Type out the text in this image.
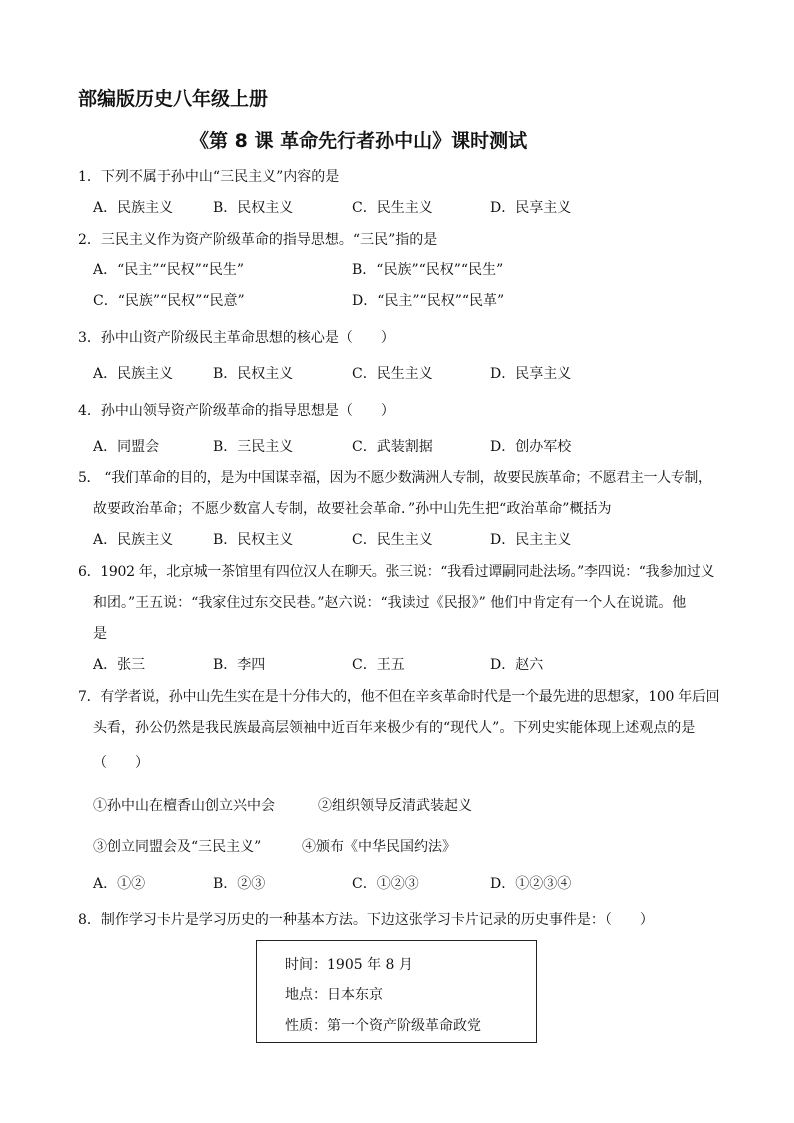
部编版历史八年级上册
《第 8 课 革命先行者孙中山》课时测试
1．下列不属于孙中山“三民主义”内容的是
A．民族主义	B．民权主义	C．民生主义	D．民享主义
2．三民主义作为资产阶级革命的指导思想。“三民”指的是
A．“民主”“民权”“民生”	B．“民族”“民权”“民生”
C．“民族”“民权”“民意”	D．“民主”“民权”“民革”
3．孙中山资产阶级民主革命思想的核心是（　　）
A．民族主义	B．民权主义	C．民生主义	D．民享主义
4．孙中山领导资产阶级革命的指导思想是（　　）
A．同盟会	B．三民主义	C．武装割据	D．创办军校
5． “我们革命的目的，是为中国谋幸福，因为不愿少数满洲人专制，故要民族革命；不愿君主一人专制，
故要政治革命；不愿少数富人专制，故要社会革命．”孙中山先生把“政治革命”概括为
A．民族主义	B．民权主义	C．民生主义	D．民主主义
6．1902 年，北京城一茶馆里有四位汉人在聊天。张三说：“我看过谭嗣同赴法场。”李四说：“我参加过义
和团。”王五说：“我家住过东交民巷。”赵六说：“我读过《民报》” 他们中肯定有一个人在说谎。他
是
A．张三	B．李四	C．王五	D．赵六
7．有学者说，孙中山先生实在是十分伟大的，他不但在辛亥革命时代是一个最先进的思想家，100 年后回
头看，孙公仍然是我民族最高层领袖中近百年来极少有的“现代人”。下列史实能体现上述观点的是
（　　）
①孙中山在檀香山创立兴中会	②组织领导反清武装起义
③创立同盟会及“三民主义”	④颁布《中华民国约法》
A．①②	B．②③	C．①②③	D．①②③④
8．制作学习卡片是学习历史的一种基本方法。下边这张学习卡片记录的历史事件是：（　　）
时间：1905 年 8 月
地点：日本东京
性质：第一个资产阶级革命政党
